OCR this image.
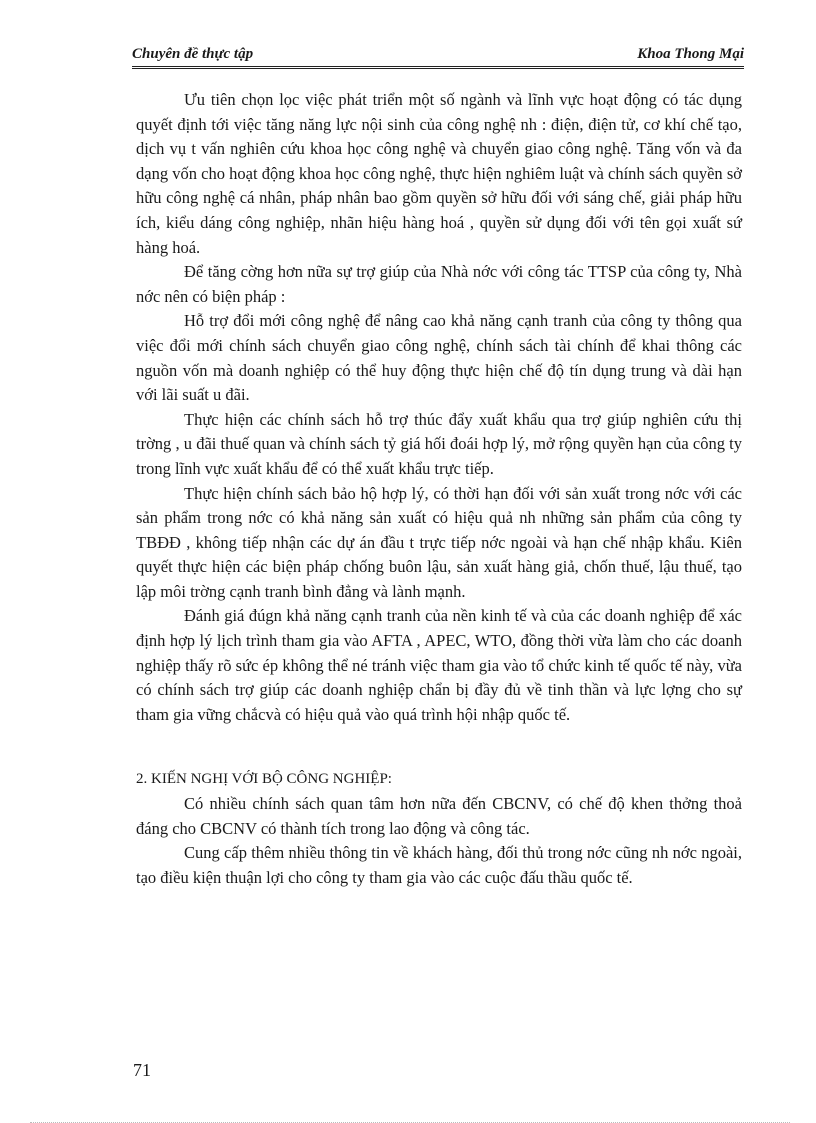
Chuyên đề thực tập	Khoa Thong Mại

Ưu tiên chọn lọc việc phát triển một số ngành và lĩnh vực hoạt động có tác dụng quyết định tới việc tăng năng lực nội sinh của công nghệ nh : điện, điện tử, cơ khí chế tạo, dịch vụ t vấn nghiên cứu khoa học công nghệ và chuyển giao công nghệ. Tăng vốn và đa dạng vốn cho hoạt động khoa học công nghệ, thực hiện nghiêm luật và chính sách quyền sở hữu công nghệ cá nhân, pháp nhân bao gồm quyền sở hữu đối với sáng chế, giải pháp hữu ích, kiểu dáng công nghiệp, nhãn hiệu hàng hoá , quyền sử dụng đối với tên gọi xuất sứ hàng hoá.

Để tăng cờng hơn nữa sự trợ giúp của Nhà nớc với công tác TTSP của công ty, Nhà nớc nên có biện pháp :

Hỗ trợ đổi mới công nghệ để nâng cao khả năng cạnh tranh của công ty thông qua việc đổi mới chính sách chuyển giao công nghệ, chính sách tài chính để khai thông các nguồn vốn mà doanh nghiệp có thể huy động thực hiện chế độ tín dụng trung và dài hạn với lãi suất u đãi.

Thực hiện các chính sách hỗ trợ thúc đẩy xuất khẩu qua trợ giúp nghiên cứu thị trờng , u đãi thuế quan và chính sách tỷ giá hối đoái hợp lý, mở rộng quyền hạn của công ty trong lĩnh vực xuất khẩu để có thể xuất khẩu trực tiếp.

Thực hiện chính sách bảo hộ hợp lý, có thời hạn đối với sản xuất trong nớc với các sản phẩm trong nớc có khả năng sản xuất có hiệu quả nh những sản phẩm của công ty TBĐĐ , không tiếp nhận các dự án đầu t trực tiếp nớc ngoài và hạn chế nhập khẩu. Kiên quyết thực hiện các biện pháp chống buôn lậu, sản xuất hàng giả, chốn thuế, lậu thuế, tạo lập môi trờng cạnh tranh bình đẳng và lành mạnh.

Đánh giá đúgn khả năng cạnh tranh của nền kinh tế và của các doanh nghiệp để xác định hợp lý lịch trình tham gia vào AFTA , APEC, WTO, đồng thời vừa làm cho các doanh nghiệp thấy rõ sức ép không thể né tránh việc tham gia vào tổ chức kinh tế quốc tế này, vừa có chính sách trợ giúp các doanh nghiệp chẩn bị đầy đủ về tinh thần và lực lợng cho sự tham gia vững chắcvà có hiệu quả vào quá trình hội nhập quốc tế.

2. KIẾN NGHỊ VỚI BỘ CÔNG NGHIỆP:

Có nhiều chính sách quan tâm hơn nữa đến CBCNV, có chế độ khen thởng thoả đáng cho CBCNV có thành tích trong lao động và công tác.

Cung cấp thêm nhiều thông tin về khách hàng, đối thủ trong nớc cũng nh nớc ngoài, tạo điều kiện thuận lợi cho công ty tham gia vào các cuộc đấu thầu quốc tế.

71
